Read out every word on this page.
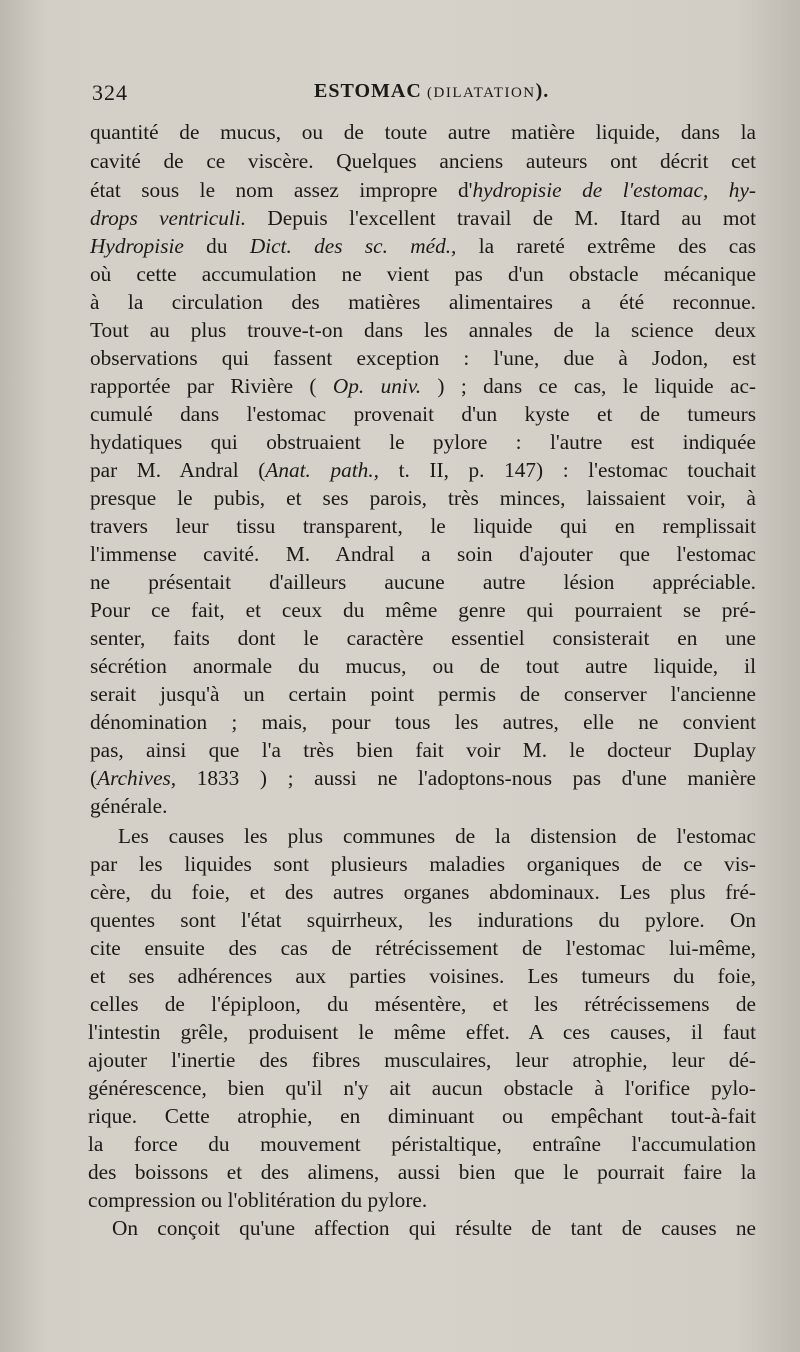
324	ESTOMAC (DILATATION).
quantité de mucus, ou de toute autre matière liquide, dans la
cavité de ce viscère. Quelques anciens auteurs ont décrit cet
état sous le nom assez impropre d'hydropisie de l'estomac, hy-
drops ventriculi. Depuis l'excellent travail de M. Itard au mot
Hydropisie du Dict. des sc. méd., la rareté extrême des cas
où cette accumulation ne vient pas d'un obstacle mécanique
à la circulation des matières alimentaires a été reconnue.
Tout au plus trouve-t-on dans les annales de la science deux
observations qui fassent exception : l'une, due à Jodon, est
rapportée par Rivière ( Op. univ. ) ; dans ce cas, le liquide ac-
cumulé dans l'estomac provenait d'un kyste et de tumeurs
hydatiques qui obstruaient le pylore : l'autre est indiquée
par M. Andral (Anat. path., t. II, p. 147) : l'estomac touchait
presque le pubis, et ses parois, très minces, laissaient voir, à
travers leur tissu transparent, le liquide qui en remplissait
l'immense cavité. M. Andral a soin d'ajouter que l'estomac
ne présentait d'ailleurs aucune autre lésion appréciable.
Pour ce fait, et ceux du même genre qui pourraient se pré-
senter, faits dont le caractère essentiel consisterait en une
sécrétion anormale du mucus, ou de tout autre liquide, il
serait jusqu'à un certain point permis de conserver l'ancienne
dénomination ; mais, pour tous les autres, elle ne convient
pas, ainsi que l'a très bien fait voir M. le docteur Duplay
(Archives, 1833 ) ; aussi ne l'adoptons-nous pas d'une manière
générale.
Les causes les plus communes de la distension de l'estomac
par les liquides sont plusieurs maladies organiques de ce vis-
cère, du foie, et des autres organes abdominaux. Les plus fré-
quentes sont l'état squirrheux, les indurations du pylore. On
cite ensuite des cas de rétrécissement de l'estomac lui-même,
et ses adhérences aux parties voisines. Les tumeurs du foie,
celles de l'épiploon, du mésentère, et les rétrécissemens de
l'intestin grêle, produisent le même effet. A ces causes, il faut
ajouter l'inertie des fibres musculaires, leur atrophie, leur dé-
générescence, bien qu'il n'y ait aucun obstacle à l'orifice pylo-
rique. Cette atrophie, en diminuant ou empêchant tout-à-fait
la force du mouvement péristaltique, entraîne l'accumulation
des boissons et des alimens, aussi bien que le pourrait faire la
compression ou l'oblitération du pylore.
On conçoit qu'une affection qui résulte de tant de causes ne
